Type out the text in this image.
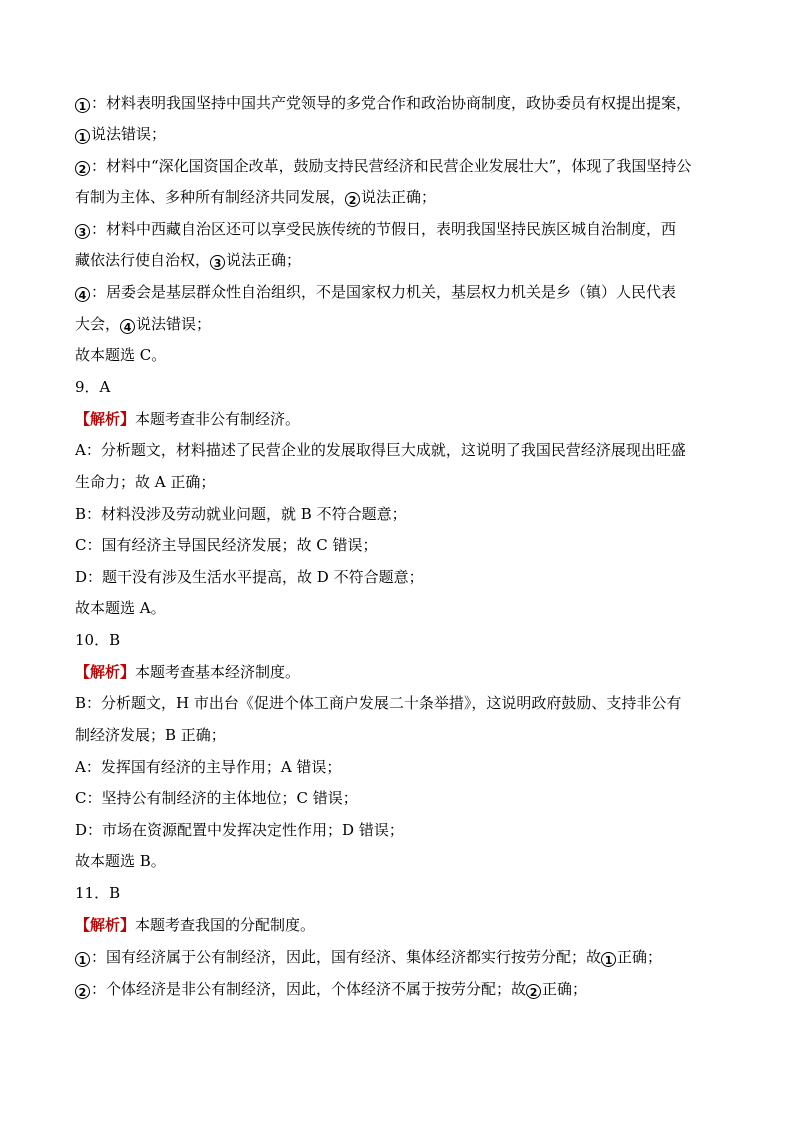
1 ：材料表明我国坚持中国共产党领导的多党合作和政治协商制度，政协委员有权提出提案，
1 说法错误；
2 ：材料中“深化国资国企改革，鼓励支持民营经济和民营企业发展壮大”，体现了我国坚持公
有制为主体、多种所有制经济共同发展， 2 说法正确；
3 ：材料中西藏自治区还可以享受民族传统的节假日，表明我国坚持民族区城自治制度，西
藏依法行使自治权， 3 说法正确；
4 ：居委会是基层群众性自治组织，不是国家权力机关，基层权力机关是乡（镇）人民代表
大会， 4 说法错误；
故本题选 C。
9．A
【解析】本题考查非公有制经济。
A：分析题文，材料描述了民营企业的发展取得巨大成就，这说明了我国民营经济展现出旺盛
生命力；故 A 正确；
B：材料没涉及劳动就业问题，就 B 不符合题意；
C：国有经济主导国民经济发展；故 C 错误；
D：题干没有涉及生活水平提高，故 D 不符合题意；
故本题选 A。
10．B
【解析】本题考查基本经济制度。
B：分析题文，H 市出台《促进个体工商户发展二十条举措》，这说明政府鼓励、支持非公有
制经济发展；B 正确；
A：发挥国有经济的主导作用；A 错误；
C：坚持公有制经济的主体地位；C 错误；
D：市场在资源配置中发挥决定性作用；D 错误；
故本题选 B。
11．B
【解析】本题考查我国的分配制度。
1 ：国有经济属于公有制经济，因此，国有经济、集体经济都实行按劳分配；故 1 正确；
2 ：个体经济是非公有制经济，因此，个体经济不属于按劳分配；故 2 正确；
